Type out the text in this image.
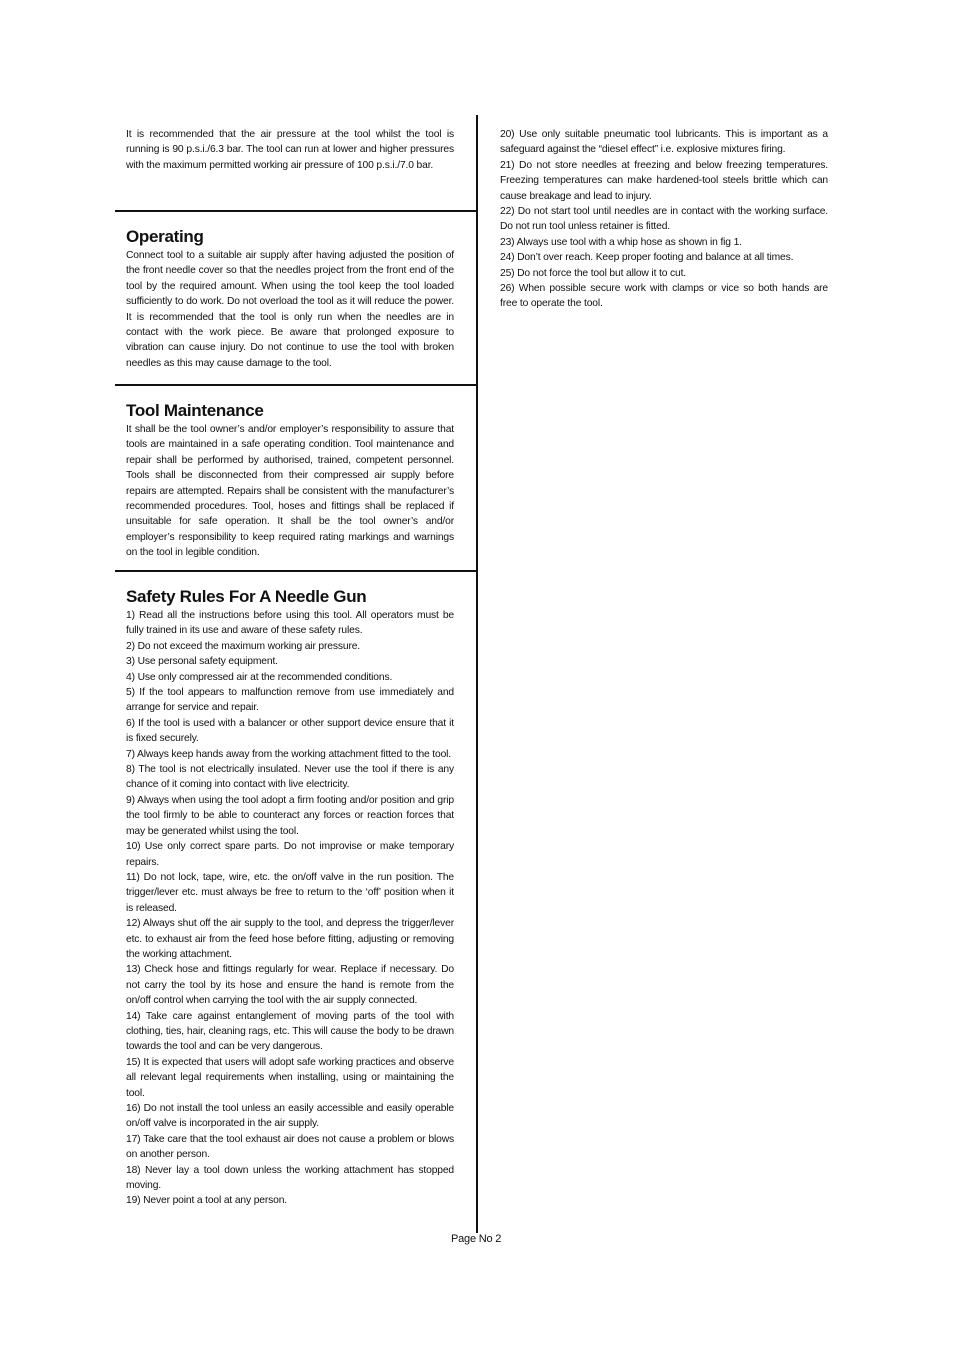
It is recommended that the air pressure at the tool whilst the tool is running is 90 p.s.i./6.3 bar. The tool can run at lower and higher pressures with the maximum permitted working air pressure of 100 p.s.i./7.0 bar.

Operating

Connect tool to a suitable air supply after having adjusted the position of the front needle cover so that the needles project from the front end of the tool by the required amount. When using the tool keep the tool loaded sufficiently to do work. Do not overload the tool as it will reduce the power. It is recommended that the tool is only run when the needles are in contact with the work piece. Be aware that prolonged exposure to vibration can cause injury. Do not continue to use the tool with broken needles as this may cause damage to the tool.

Tool Maintenance

It shall be the tool owner’s and/or employer’s responsibility to assure that tools are maintained in a safe operating condition. Tool maintenance and repair shall be performed by authorised, trained, competent personnel. Tools shall be disconnected from their compressed air supply before repairs are attempted. Repairs shall be consistent with the manufacturer’s recommended procedures. Tool, hoses and fittings shall be replaced if unsuitable for safe operation. It shall be the tool owner’s and/or employer’s responsibility to keep required rating markings and warnings on the tool in legible condition.

Safety Rules For A Needle Gun

1) Read all the instructions before using this tool. All operators must be fully trained in its use and aware of these safety rules.

2) Do not exceed the maximum working air pressure.

3) Use personal safety equipment.

4) Use only compressed air at the recommended conditions.

5) If the tool appears to malfunction remove from use immediately and arrange for service and repair.

6) If the tool is used with a balancer or other support device ensure that it is fixed securely.

7) Always keep hands away from the working attachment fitted to the tool.

8) The tool is not electrically insulated. Never use the tool if there is any chance of it coming into contact with live electricity.

9) Always when using the tool adopt a firm footing and/or position and grip the tool firmly to be able to counteract any forces or reaction forces that may be generated whilst using the tool.

10) Use only correct spare parts. Do not improvise or make temporary repairs.

11) Do not lock, tape, wire, etc. the on/off valve in the run position. The trigger/lever etc. must always be free to return to the ‘off’ position when it is released.

12) Always shut off the air supply to the tool, and depress the trigger/lever etc. to exhaust air from the feed hose before fitting, adjusting or removing the working attachment.

13) Check hose and fittings regularly for wear. Replace if necessary. Do not carry the tool by its hose and ensure the hand is remote from the on/off control when carrying the tool with the air supply connected.

14) Take care against entanglement of moving parts of the tool with clothing, ties, hair, cleaning rags, etc. This will cause the body to be drawn towards the tool and can be very dangerous.

15) It is expected that users will adopt safe working practices and observe all relevant legal requirements when installing, using or maintaining the tool.

16) Do not install the tool unless an easily accessible and easily operable on/off valve is incorporated in the air supply.

17) Take care that the tool exhaust air does not cause a problem or blows on another person.

18) Never lay a tool down unless the working attachment has stopped moving.

19) Never point a tool at any person.

20) Use only suitable pneumatic tool lubricants. This is important as a safeguard against the “diesel effect” i.e. explosive mixtures firing.

21) Do not store needles at freezing and below freezing temperatures. Freezing temperatures can make hardened-tool steels brittle which can cause breakage and lead to injury.

22) Do not start tool until needles are in contact with the working surface. Do not run tool unless retainer is fitted.

23) Always use tool with a whip hose as shown in fig 1.

24) Don’t over reach. Keep proper footing and balance at all times.

25) Do not force the tool but allow it to cut.

26) When possible secure work with clamps or vice so both hands are free to operate the tool.

Page No 2
